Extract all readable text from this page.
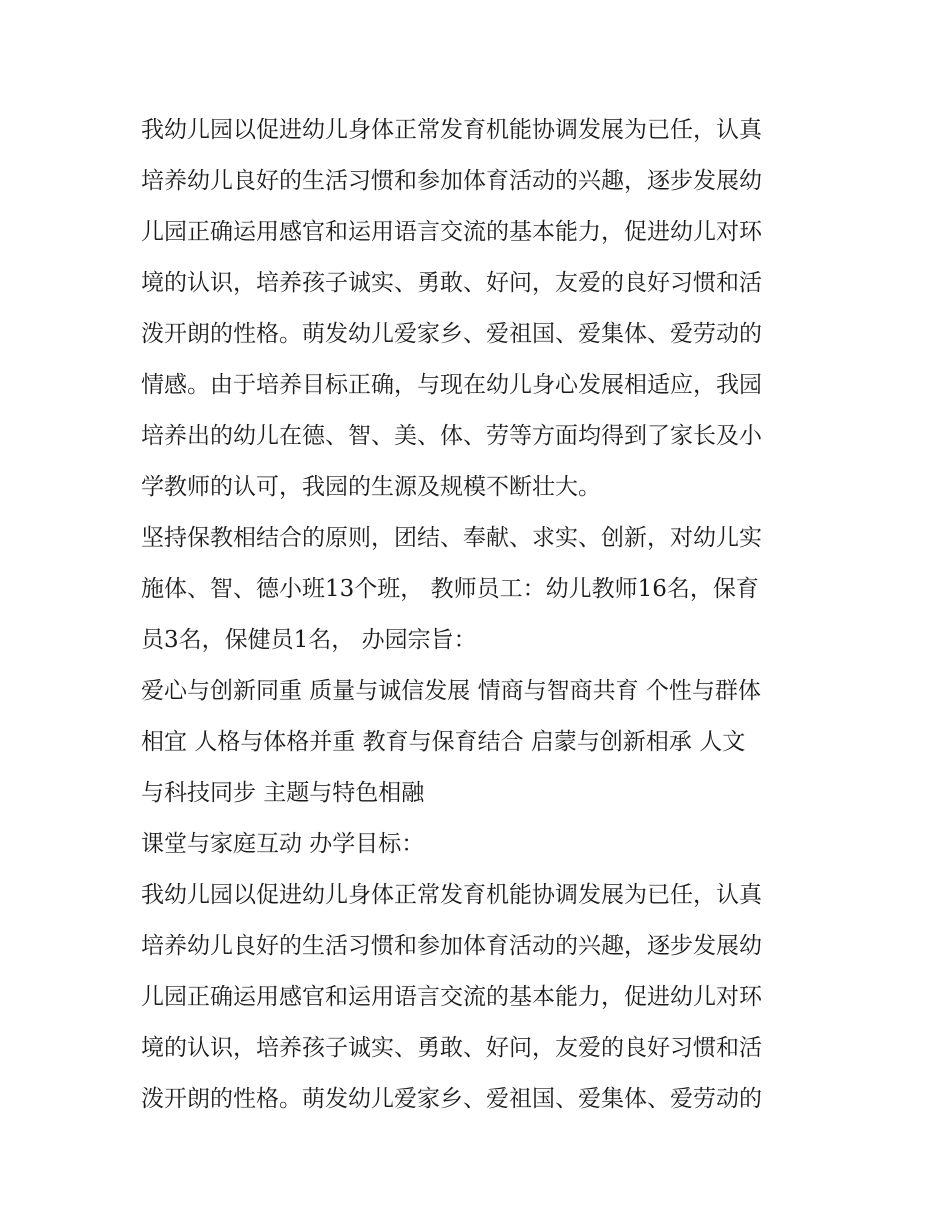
我幼儿园以促进幼儿身体正常发育机能协调发展为已任，认真
培养幼儿良好的生活习惯和参加体育活动的兴趣，逐步发展幼
儿园正确运用感官和运用语言交流的基本能力，促进幼儿对环
境的认识，培养孩子诚实、勇敢、好问，友爱的良好习惯和活
泼开朗的性格。萌发幼儿爱家乡、爱祖国、爱集体、爱劳动的
情感。由于培养目标正确，与现在幼儿身心发展相适应，我园
培养出的幼儿在德、智、美、体、劳等方面均得到了家长及小
学教师的认可，我园的生源及规模不断壮大。
坚持保教相结合的原则，团结、奉献、求实、创新，对幼儿实
施体、智、德小班13个班， 教师员工：幼儿教师16名，保育
员3名，保健员1名， 办园宗旨：
爱心与创新同重 质量与诚信发展 情商与智商共育 个性与群体
相宜 人格与体格并重 教育与保育结合 启蒙与创新相承 人文
与科技同步 主题与特色相融
课堂与家庭互动 办学目标：
我幼儿园以促进幼儿身体正常发育机能协调发展为已任，认真
培养幼儿良好的生活习惯和参加体育活动的兴趣，逐步发展幼
儿园正确运用感官和运用语言交流的基本能力，促进幼儿对环
境的认识，培养孩子诚实、勇敢、好问，友爱的良好习惯和活
泼开朗的性格。萌发幼儿爱家乡、爱祖国、爱集体、爱劳动的
